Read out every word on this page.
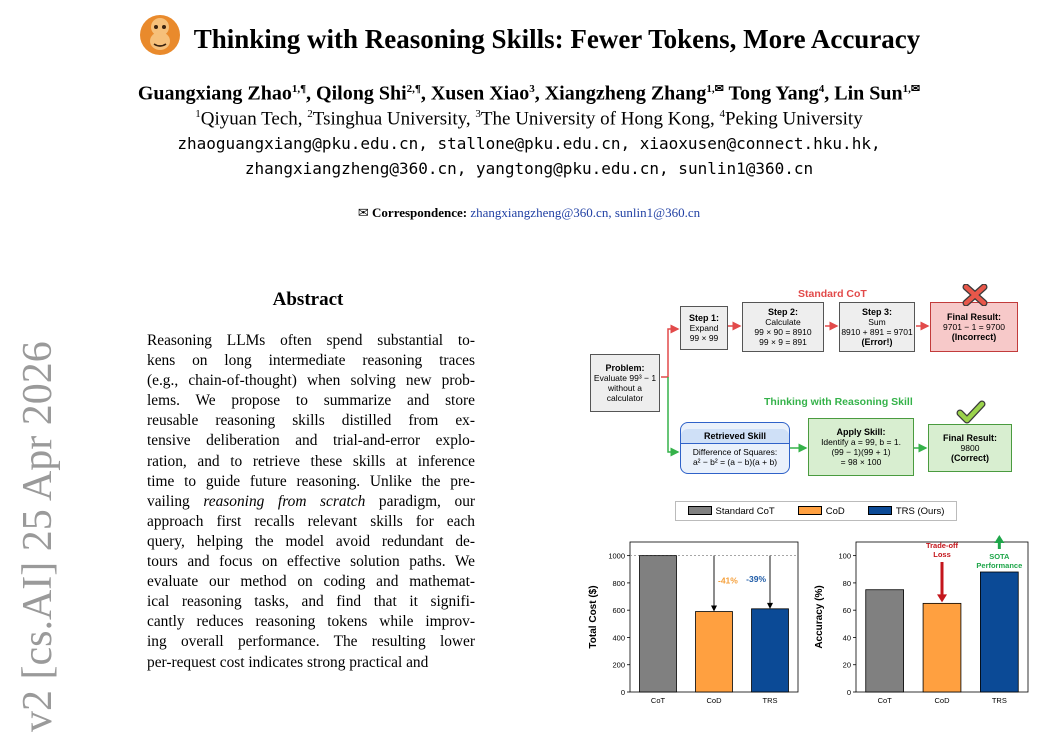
Thinking with Reasoning Skills: Fewer Tokens, More Accuracy
Guangxiang Zhao$^{1,\P}$, Qilong Shi$^{2,\P}$, Xusen Xiao$^3$, Xiangzheng Zhang$^{1,✉}$ Tong Yang$^4$, Lin Sun$^{1,✉}$
$^1$Qiyuan Tech, $^2$Tsinghua University, $^3$The University of Hong Kong, $^4$Peking University
zhaoguangxiang@pku.edu.cn, stallone@pku.edu.cn, xiaoxusen@connect.hku.hk,
zhangxiangzheng@360.cn, yangtong@pku.edu.cn, sunlin1@360.cn
✉ Correspondence: zhangxiangzheng@360.cn, sunlin1@360.cn
v2 [cs.AI] 25 Apr 2026
Abstract
Reasoning LLMs often spend substantial to-
kens on long intermediate reasoning traces
(e.g., chain-of-thought) when solving new prob-
lems. We propose to summarize and store
reusable reasoning skills distilled from ex-
tensive deliberation and trial-and-error explo-
ration, and to retrieve these skills at inference
time to guide future reasoning. Unlike the pre-
vailing reasoning from scratch paradigm, our
approach first recalls relevant skills for each
query, helping the model avoid redundant de-
tours and focus on effective solution paths. We
evaluate our method on coding and mathemat-
ical reasoning tasks, and find that it signifi-
cantly reduces reasoning tokens while improv-
ing overall performance. The resulting lower
per-request cost indicates strong practical and
Standard CoT
Thinking with Reasoning Skill
Problem:
Evaluate 99³ − 1
without a
calculator
Step 1:
Expand
99 × 99
Step 2:
Calculate
99 × 90 = 8910
99 × 9 = 891
Step 3:
Sum
8910 + 891 = 9701
(Error!)
Final Result:
9701 − 1 = 9700
(Incorrect)
Retrieved Skill
Difference of Squares:
a² − b² = (a − b)(a + b)
Apply Skill:
Identify a = 99, b = 1.
(99 − 1)(99 + 1)
= 98 × 100
Final Result:
9800
(Correct)
Standard CoT	CoD	TRS (Ours)
0
200
400
600
800
1000
Total Cost ($)
CoT	CoD	TRS
-41% -39%
0
20
40
60
80
100
Accuracy (%)
CoT	CoD	TRS
Trade-off
Loss	SOTA
Performance
